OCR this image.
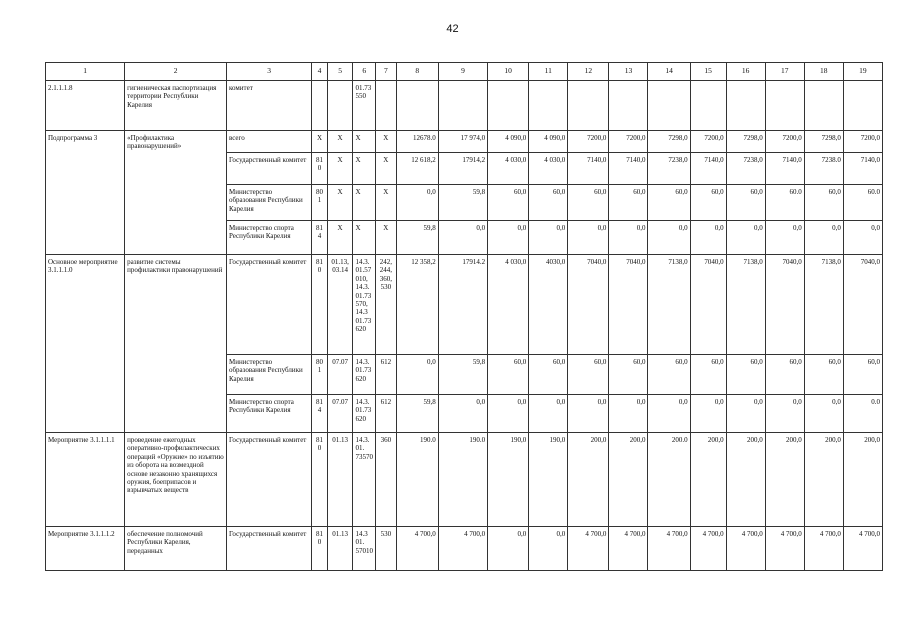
42
1	2	3	4	5	6	7	8	9	10	11	12	13	14	15	16	17	18	19
2.1.1.1.8	гигиеническая паспортизация территории Республики Карелия	комитет			01.73 550													
Подпрограмма 3	«Профилактика правонарушений»	всего	Х	Х	Х	Х	12678.0	17 974,0	4 090,0	4 090,0	7200,0	7200,0	7298,0	7200,0	7298,0	7200,0	7298,0	7200,0
		Государственный комитет	810	Х	Х	Х	12 618,2	17914,2	4 030,0	4 030,0	7140,0	7140,0	7238,0	7140,0	7238,0	7140,0	7238.0	7140,0
		Министерство образования Республики Карелия	801	Х	Х	Х	0,0	59,8	60,0	60,0	60,0	60,0	60,0	60,0	60,0	60.0	60,0	60.0
		Министерство спорта Республики Карелия	814	Х	Х	Х	59,8	0,0	0,0	0,0	0,0	0,0	0,0	0,0	0,0	0,0	0,0	0,0
Основное мероприятие 3.1.1.1.0	развитие системы профилактики правонарушений	Государственный комитет	810	01.13, 03.14	14.3. 01.57 010, 14.3. 01.73 570, 14.3 01.73 620	242, 244, 360, 530	12 358,2	17914.2	4 030,0	4030,0	7040,0	7040,0	7138,0	7040,0	7138,0	7040,0	7138,0	7040,0
		Министерство образования Республики Карелия	801	07.07	14.3. 01.73 620	612	0,0	59,8	60,0	60,0	60,0	60,0	60,0	60,0	60,0	60,0	60,0	60,0
		Министерство спорта Республики Карелия	814	07.07	14.3. 01.73 620	612	59,8	0,0	0,0	0,0	0,0	0,0	0,0	0,0	0,0	0,0	0,0	0.0
Мероприятие 3.1.1.1.1	проведение ежегодных оперативно-профилактических операций «Оружие» по изъятию из оборота на возмездной основе незаконно хранящихся оружия, боеприпасов и взрывчатых веществ	Государственный комитет	810	01.13	14.3. 01. 73570	360	190.0	190.0	190,0	190,0	200,0	200,0	200.0	200,0	200,0	200,0	200,0	200,0
Мероприятие 3.1.1.1.2	обеспечение полномочий Республики Карелия, переданных	Государственный комитет	810	01.13	14.3 01. 57010	530	4 700,0	4 700,0	0,0	0,0	4 700,0	4 700,0	4 700,0	4 700,0	4 700,0	4 700,0	4 700,0	4 700,0
